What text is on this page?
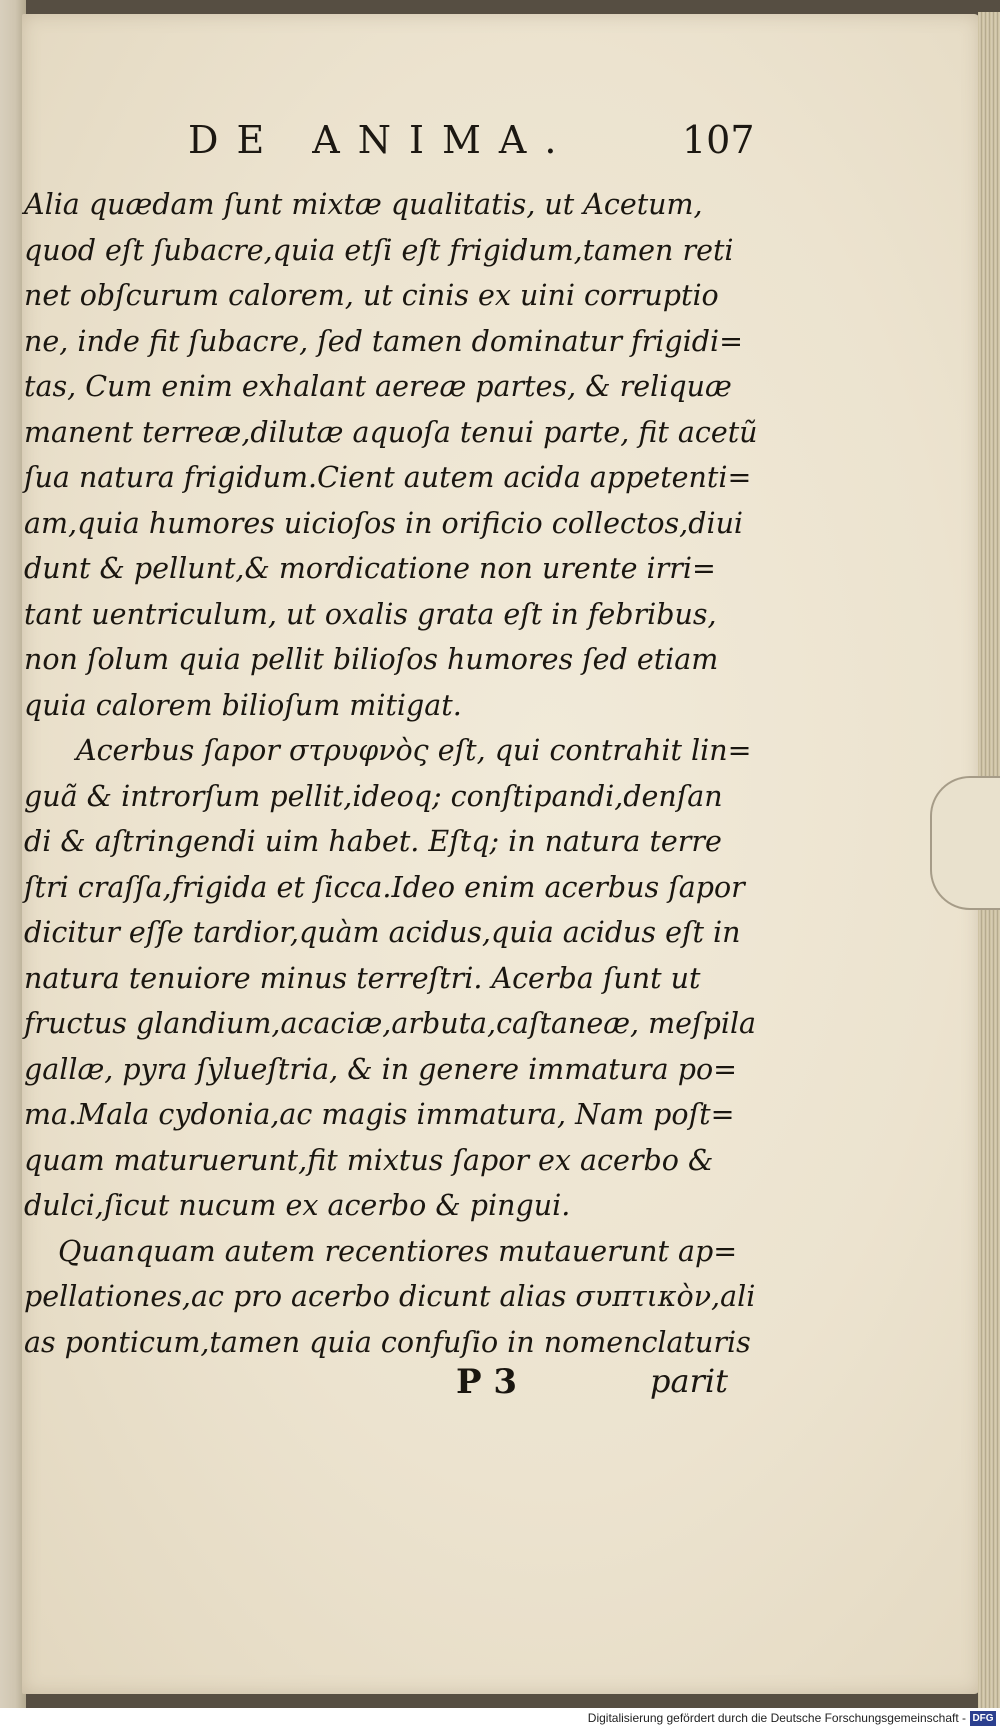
DE ANIMA.	107
Alia quædam ſunt mixtæ qualitatis, ut Acetum,
quod eſt ſubacre,quia etſi eſt frigidum,tamen reti
net obſcurum calorem, ut cinis ex uini corruptio
ne, inde fit ſubacre, ſed tamen dominatur frigidi=
tas, Cum enim exhalant aereæ partes, & reliquæ
manent terreæ,dilutæ aquoſa tenui parte, fit acetũ
ſua natura frigidum.Cient autem acida appetenti=
am,quia humores uicioſos in orificio collectos,diui
dunt & pellunt,& mordicatione non urente irri=
tant uentriculum, ut oxalis grata eſt in febribus,
non ſolum quia pellit bilioſos humores ſed etiam
quia calorem bilioſum mitigat.
Acerbus ſapor στρυφνὸς eſt, qui contrahit lin=
guã & introrſum pellit,ideoq; conſtipandi,denſan
di & aſtringendi uim habet. Eſtq; in natura terre
ſtri craſſa,frigida et ſicca.Ideo enim acerbus ſapor
dicitur eſſe tardior,quàm acidus,quia acidus eſt in
natura tenuiore minus terreſtri. Acerba ſunt ut
fructus glandium,acaciæ,arbuta,caſtaneæ, meſpila
gallæ, pyra ſylueſtria, & in genere immatura po=
ma.Mala cydonia,ac magis immatura, Nam poſt=
quam maturuerunt,fit mixtus ſapor ex acerbo &
dulci,ſicut nucum ex acerbo & pingui.
Quanquam autem recentiores mutauerunt ap=
pellationes,ac pro acerbo dicunt alias συπτικὸν,ali
as ponticum,tamen quia confuſio in nomenclaturis
P 3	parit
Digitalisierung gefördert durch die Deutsche Forschungsgemeinschaft - DFG
